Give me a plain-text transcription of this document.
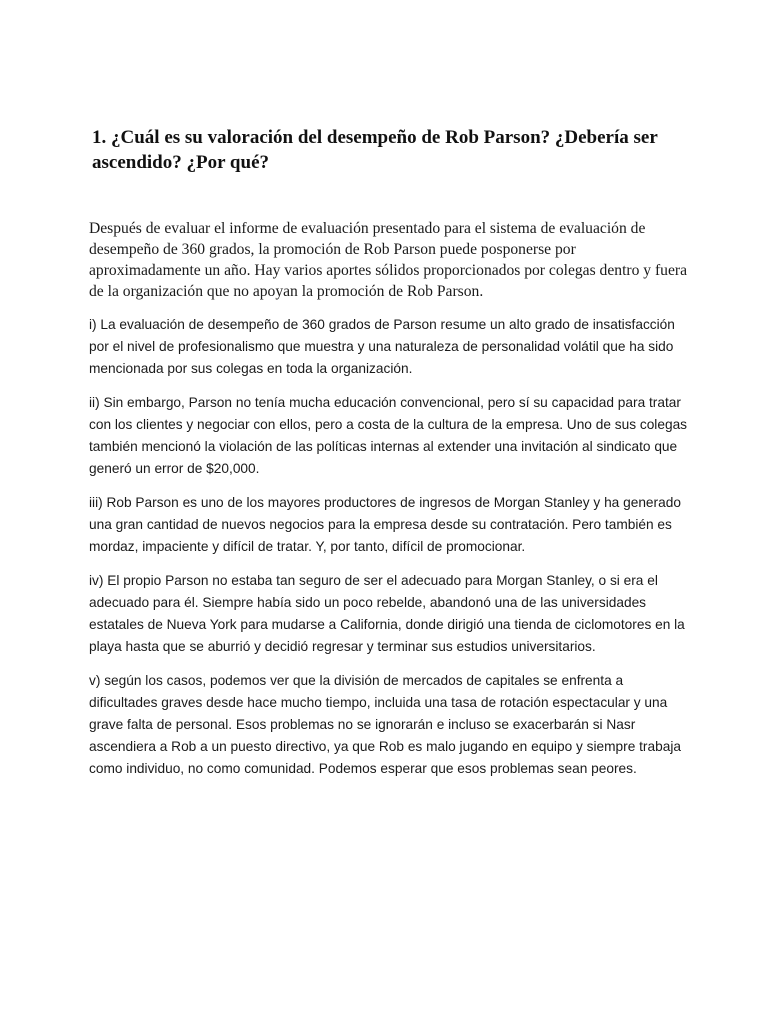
1. ¿Cuál es su valoración del desempeño de Rob Parson? ¿Debería ser ascendido? ¿Por qué?

Después de evaluar el informe de evaluación presentado para el sistema de evaluación de desempeño de 360 grados, la promoción de Rob Parson puede posponerse por aproximadamente un año. Hay varios aportes sólidos proporcionados por colegas dentro y fuera de la organización que no apoyan la promoción de Rob Parson.

i) La evaluación de desempeño de 360 grados de Parson resume un alto grado de insatisfacción por el nivel de profesionalismo que muestra y una naturaleza de personalidad volátil que ha sido mencionada por sus colegas en toda la organización.

ii) Sin embargo, Parson no tenía mucha educación convencional, pero sí su capacidad para tratar con los clientes y negociar con ellos, pero a costa de la cultura de la empresa. Uno de sus colegas también mencionó la violación de las políticas internas al extender una invitación al sindicato que generó un error de $20,000.

iii) Rob Parson es uno de los mayores productores de ingresos de Morgan Stanley y ha generado una gran cantidad de nuevos negocios para la empresa desde su contratación. Pero también es mordaz, impaciente y difícil de tratar. Y, por tanto, difícil de promocionar.

iv) El propio Parson no estaba tan seguro de ser el adecuado para Morgan Stanley, o si era el adecuado para él. Siempre había sido un poco rebelde, abandonó una de las universidades estatales de Nueva York para mudarse a California, donde dirigió una tienda de ciclomotores en la playa hasta que se aburrió y decidió regresar y terminar sus estudios universitarios.

v) según los casos, podemos ver que la división de mercados de capitales se enfrenta a dificultades graves desde hace mucho tiempo, incluida una tasa de rotación espectacular y una grave falta de personal. Esos problemas no se ignorarán e incluso se exacerbarán si Nasr ascendiera a Rob a un puesto directivo, ya que Rob es malo jugando en equipo y siempre trabaja como individuo, no como comunidad. Podemos esperar que esos problemas sean peores.
